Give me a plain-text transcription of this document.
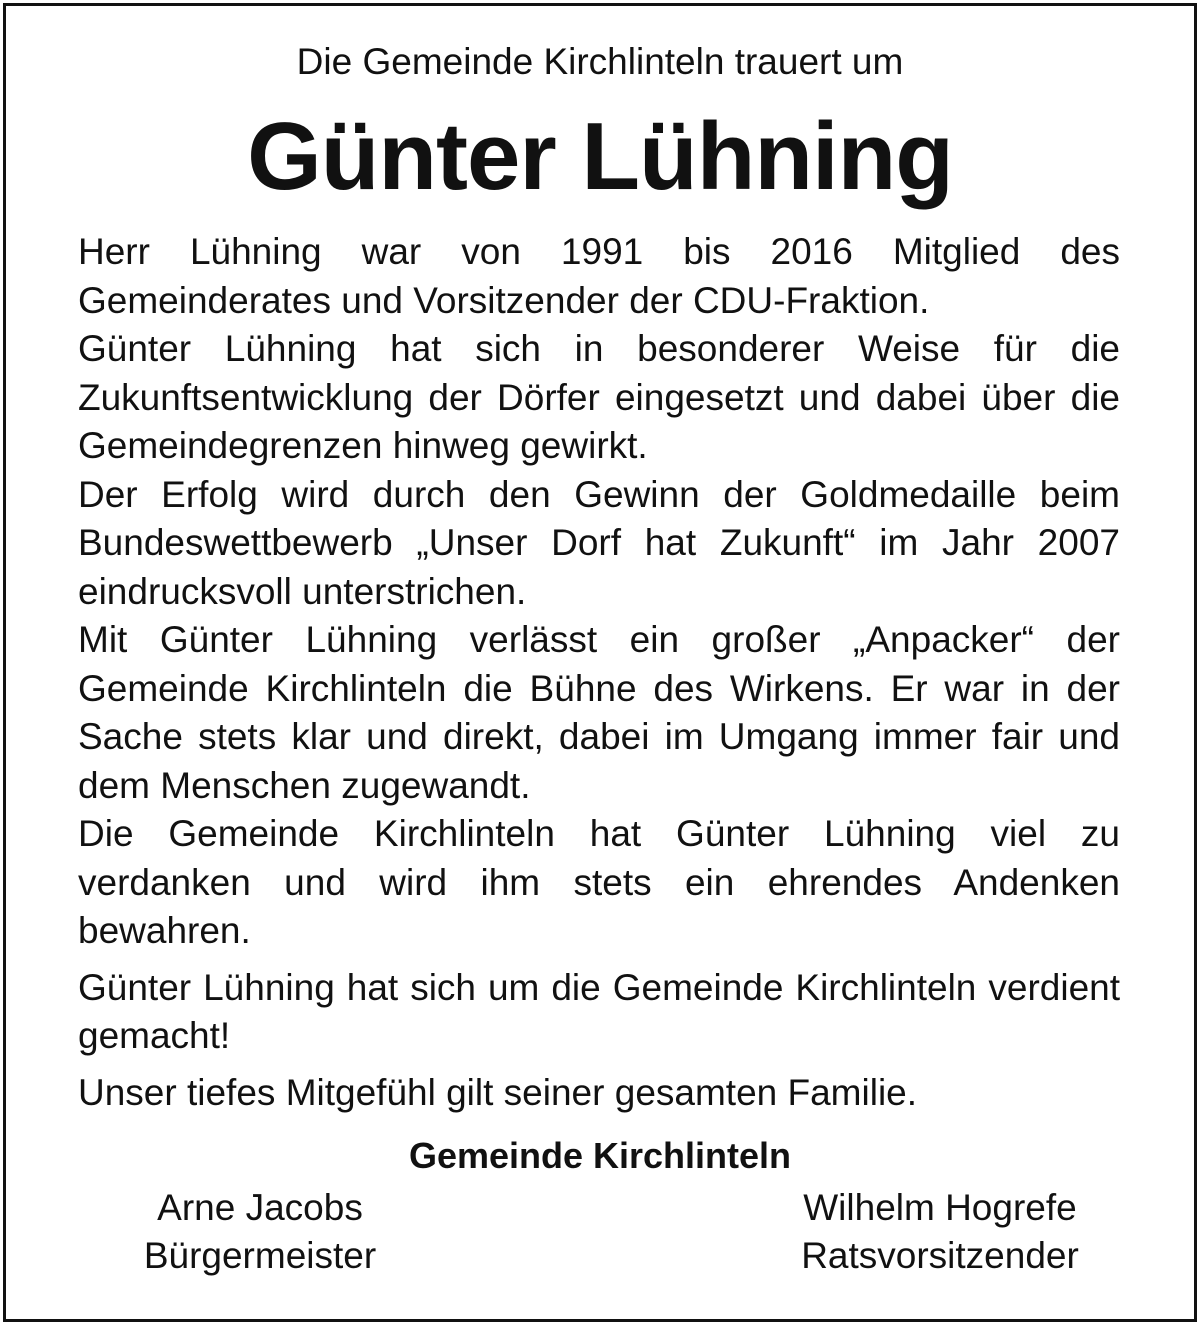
Die Gemeinde Kirchlinteln trauert um
Günter Lühning

Herr Lühning war von 1991 bis 2016 Mitglied des Gemeinderates und Vorsitzender der CDU-Fraktion.

Günter Lühning hat sich in besonderer Weise für die Zukunftsentwicklung der Dörfer eingesetzt und dabei über die Gemeindegrenzen hinweg gewirkt.

Der Erfolg wird durch den Gewinn der Goldmedaille beim Bundeswettbewerb „Unser Dorf hat Zukunft“ im Jahr 2007 eindrucksvoll unterstrichen.

Mit Günter Lühning verlässt ein großer „Anpacker“ der Gemeinde Kirchlinteln die Bühne des Wirkens. Er war in der Sache stets klar und direkt, dabei im Umgang immer fair und dem Menschen zugewandt.

Die Gemeinde Kirchlinteln hat Günter Lühning viel zu verdanken und wird ihm stets ein ehrendes Andenken bewahren.

Günter Lühning hat sich um die Gemeinde Kirchlinteln verdient gemacht!

Unser tiefes Mitgefühl gilt seiner gesamten Familie.

Gemeinde Kirchlinteln
Arne Jacobs
Bürgermeister
Wilhelm Hogrefe
Ratsvorsitzender
